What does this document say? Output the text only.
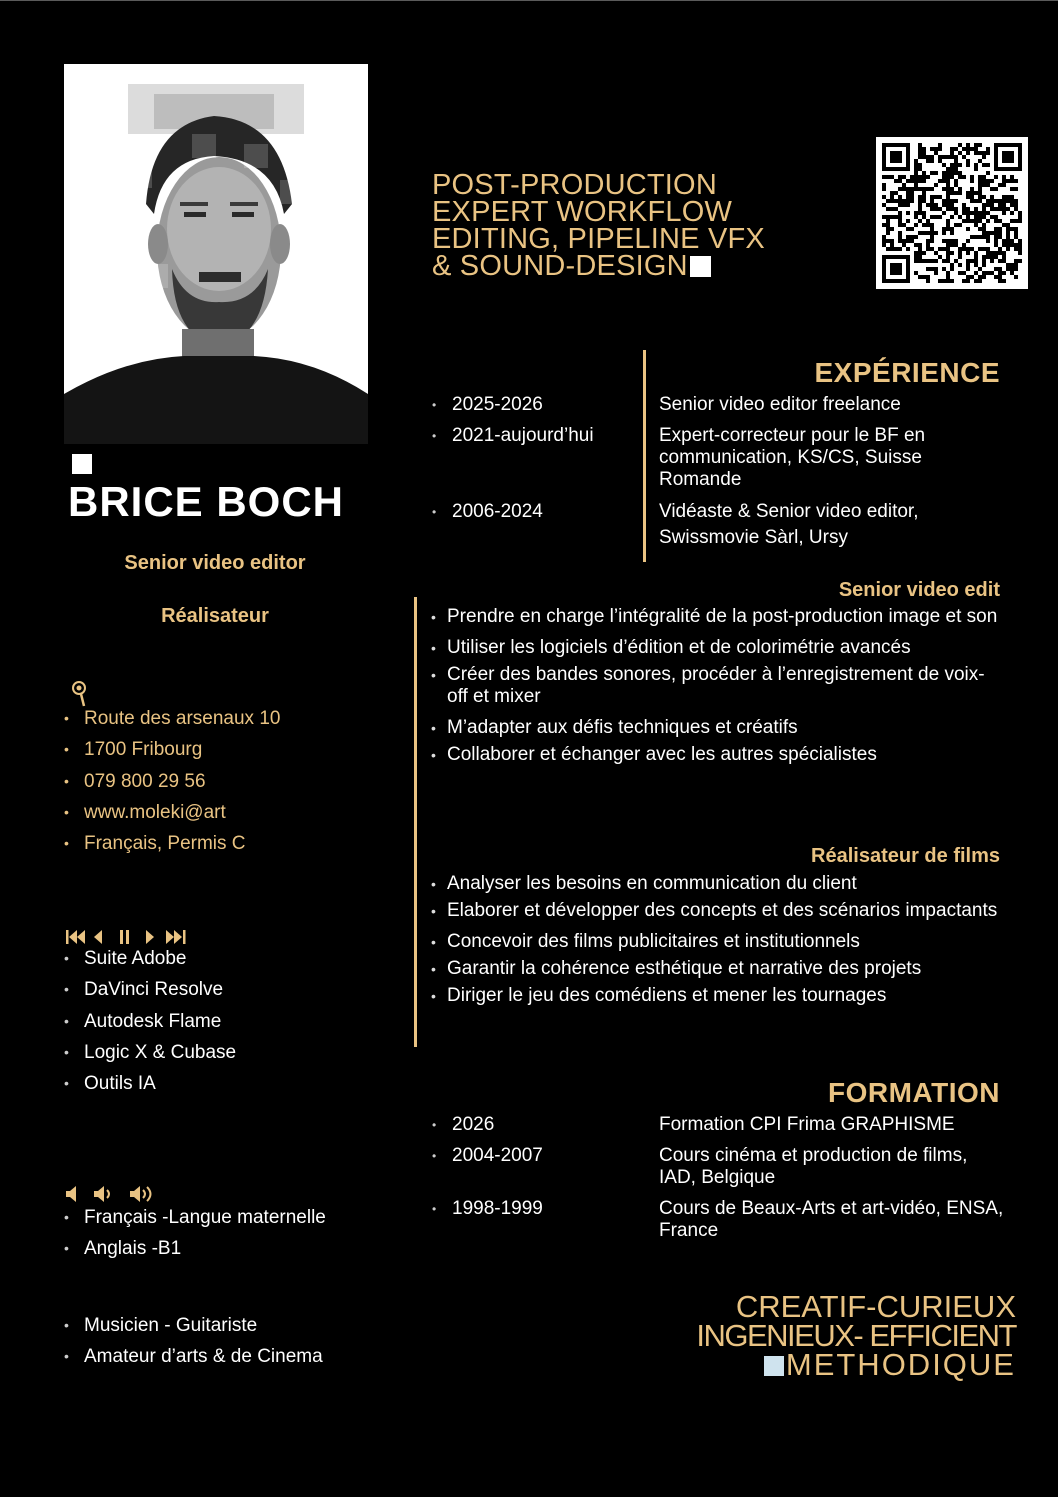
BRICE BOCH
Senior video editor
Réalisateur
• Route des arsenaux 10
• 1700 Fribourg
• 079 800 29 56
• www.moleki@art
• Français, Permis C
• Suite Adobe
• DaVinci Resolve
• Autodesk Flame
• Logic X & Cubase
• Outils IA
• Français -Langue maternelle
• Anglais -B1
• Musicien - Guitariste
• Amateur d’arts & de Cinema
POST-PRODUCTION
EXPERT WORKFLOW
EDITING, PIPELINE VFX
& SOUND-DESIGN
EXPÉRIENCE
• 2025-2026	Senior video editor freelance
• 2021-aujourd’hui	Expert-correcteur pour le BF en communication, KS/CS, Suisse Romande
• 2006-2024	Vidéaste & Senior video editor, Swissmovie Sàrl, Ursy
Senior video edit
• Prendre en charge l’intégralité de la post-production image et son
• Utiliser les logiciels d’édition et de colorimétrie avancés
• Créer des bandes sonores, procéder à l’enregistrement de voix-off et mixer
• M’adapter aux défis techniques et créatifs
• Collaborer et échanger avec les autres spécialistes
Réalisateur de films
• Analyser les besoins en communication du client
• Elaborer et développer des concepts et des scénarios impactants
• Concevoir des films publicitaires et institutionnels
• Garantir la cohérence esthétique et narrative des projets
• Diriger le jeu des comédiens et mener les tournages
FORMATION
• 2026	Formation CPI Frima GRAPHISME
• 2004-2007	Cours cinéma et production de films, IAD, Belgique
• 1998-1999	Cours de Beaux-Arts et art-vidéo, ENSA, France
CREATIF-CURIEUX
INGENIEUX- EFFICIENT
METHODIQUE
